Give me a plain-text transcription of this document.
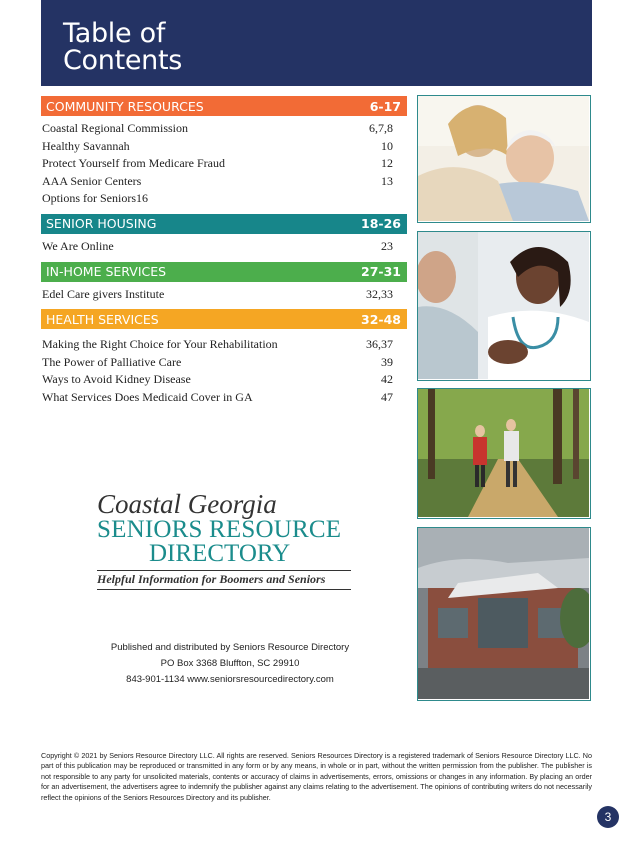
Table of
Contents
COMMUNITY RESOURCES	6-17
Coastal Regional Commission	6,7,8
Healthy Savannah	10
Protect Yourself from Medicare Fraud	12
AAA Senior Centers	13
Options for Seniors16
SENIOR HOUSING	18-26
We Are Online	23
IN-HOME SERVICES	27-31
Edel Care givers Institute	32,33
HEALTH SERVICES	32-48
Making the Right Choice for Your Rehabilitation	36,37
The Power of Palliative Care	39
Ways to Avoid Kidney Disease	42
What Services Does Medicaid Cover in GA	47
Coastal Georgia
SENIORS RESOURCE
DIRECTORY
Helpful Information for Boomers and Seniors
Published and distributed by Seniors Resource Directory
PO Box 3368 Bluffton, SC 29910
843-901-1134 www.seniorsresourcedirectory.com
Copyright © 2021 by Seniors Resource Directory LLC. All rights are reserved. Seniors Resources Directory is a registered trademark of Seniors Resource Directory LLC. No part of this publication may be reproduced or transmitted in any form or by any means, in whole or in part, without the written permission from the publisher. The publisher is not responsible to any party for unsolicited materials, contents or accuracy of claims in advertisements, errors, omissions or changes in any information. By placing an order for an advertisement, the advertisers agree to indemnify the publisher against any claims relating to the advertisement. The opinions of contributing writers do not necessarily reflect the opinions of the Seniors Resources Directory and its publisher.
3
